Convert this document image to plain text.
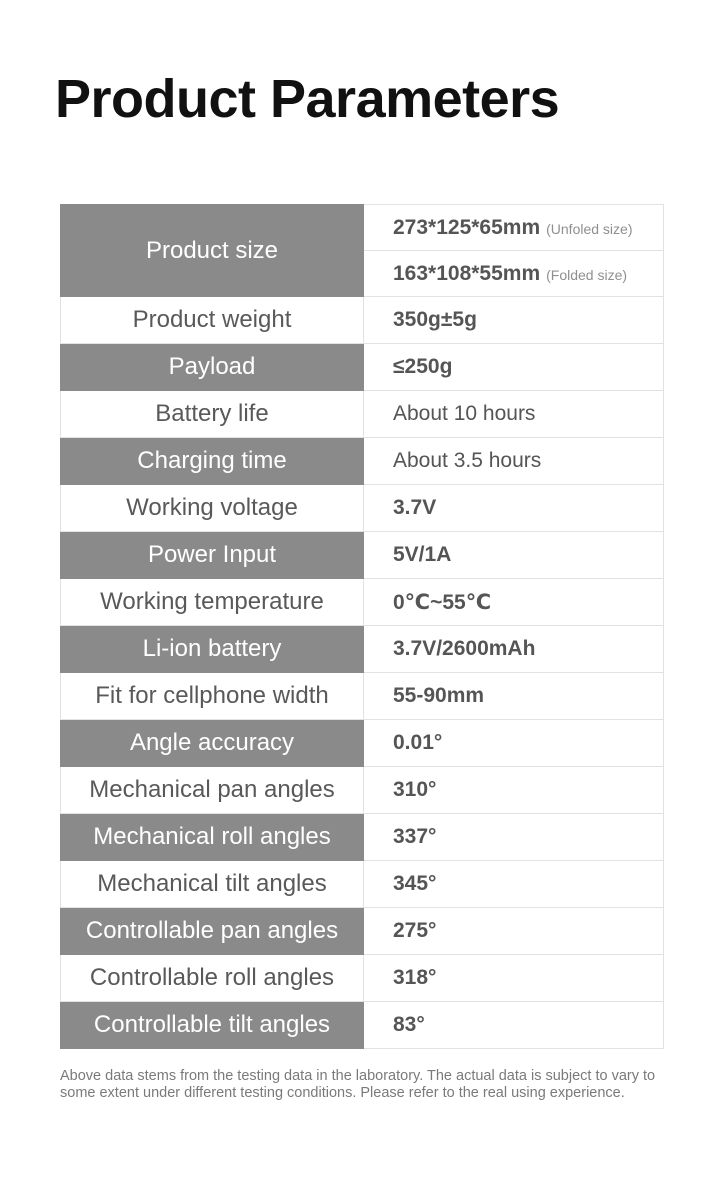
Product Parameters
Product size	273*125*65mm (Unfoled size)
	163*108*55mm (Folded size)
Product weight	350g±5g
Payload	≤250g
Battery life	About 10 hours
Charging time	About 3.5 hours
Working voltage	3.7V
Power Input	5V/1A
Working temperature	0℃~55℃
Li-ion battery	3.7V/2600mAh
Fit for cellphone width	55-90mm
Angle accuracy	0.01°
Mechanical pan angles	310°
Mechanical roll angles	337°
Mechanical tilt angles	345°
Controllable pan angles	275°
Controllable roll angles	318°
Controllable tilt angles	83°

Above data stems from the testing data in the laboratory. The actual data is subject to vary to some extent under different testing conditions. Please refer to the real using experience.
